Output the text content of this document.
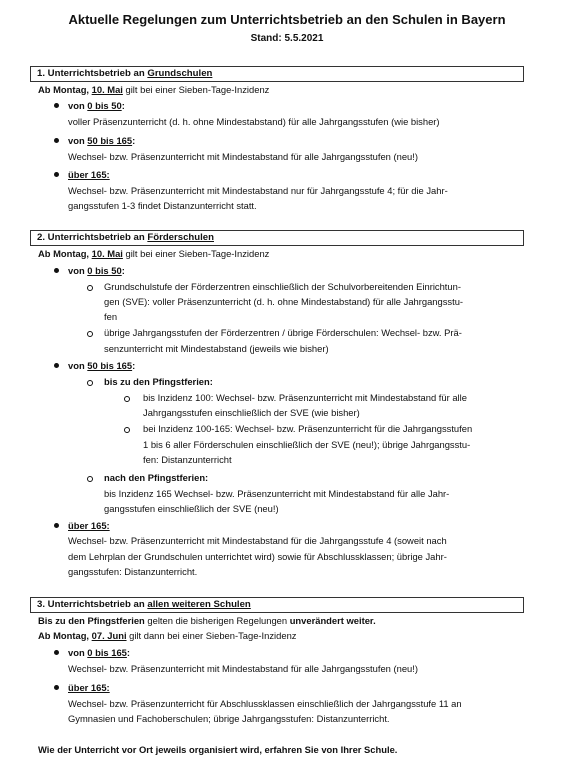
Aktuelle Regelungen zum Unterrichtsbetrieb an den Schulen in Bayern
Stand: 5.5.2021
1. Unterrichtsbetrieb an Grundschulen
Ab Montag, 10. Mai gilt bei einer Sieben-Tage-Inzidenz
von 0 bis 50:
voller Präsenzunterricht (d. h. ohne Mindestabstand) für alle Jahrgangsstufen (wie bisher)
von 50 bis 165:
Wechsel- bzw. Präsenzunterricht mit Mindestabstand für alle Jahrgangsstufen (neu!)
über 165:
Wechsel- bzw. Präsenzunterricht mit Mindestabstand nur für Jahrgangsstufe 4; für die Jahr-
gangsstufen 1-3 findet Distanzunterricht statt.
2. Unterrichtsbetrieb an Förderschulen
Ab Montag, 10. Mai gilt bei einer Sieben-Tage-Inzidenz
von 0 bis 50:
Grundschulstufe der Förderzentren einschließlich der Schulvorbereitenden Einrichtun-
gen (SVE): voller Präsenzunterricht (d. h. ohne Mindestabstand) für alle Jahrgangsstu-
fen
übrige Jahrgangsstufen der Förderzentren / übrige Förderschulen: Wechsel- bzw. Prä-
senzunterricht mit Mindestabstand (jeweils wie bisher)
von 50 bis 165:
bis zu den Pfingstferien:
bis Inzidenz 100: Wechsel- bzw. Präsenzunterricht mit Mindestabstand für alle
Jahrgangsstufen einschließlich der SVE (wie bisher)
bei Inzidenz 100-165: Wechsel- bzw. Präsenzunterricht für die Jahrgangsstufen
1 bis 6 aller Förderschulen einschließlich der SVE (neu!); übrige Jahrgangsstu-
fen: Distanzunterricht
nach den Pfingstferien:
bis Inzidenz 165 Wechsel- bzw. Präsenzunterricht mit Mindestabstand für alle Jahr-
gangsstufen einschließlich der SVE (neu!)
über 165:
Wechsel- bzw. Präsenzunterricht mit Mindestabstand für die Jahrgangsstufe 4 (soweit nach
dem Lehrplan der Grundschulen unterrichtet wird) sowie für Abschlussklassen; übrige Jahr-
gangsstufen: Distanzunterricht.
3. Unterrichtsbetrieb an allen weiteren Schulen
Bis zu den Pfingstferien gelten die bisherigen Regelungen unverändert weiter.
Ab Montag, 07. Juni gilt dann bei einer Sieben-Tage-Inzidenz
von 0 bis 165:
Wechsel- bzw. Präsenzunterricht mit Mindestabstand für alle Jahrgangsstufen (neu!)
über 165:
Wechsel- bzw. Präsenzunterricht für Abschlussklassen einschließlich der Jahrgangsstufe 11 an
Gymnasien und Fachoberschulen; übrige Jahrgangsstufen: Distanzunterricht.
Wie der Unterricht vor Ort jeweils organisiert wird, erfahren Sie von Ihrer Schule.
